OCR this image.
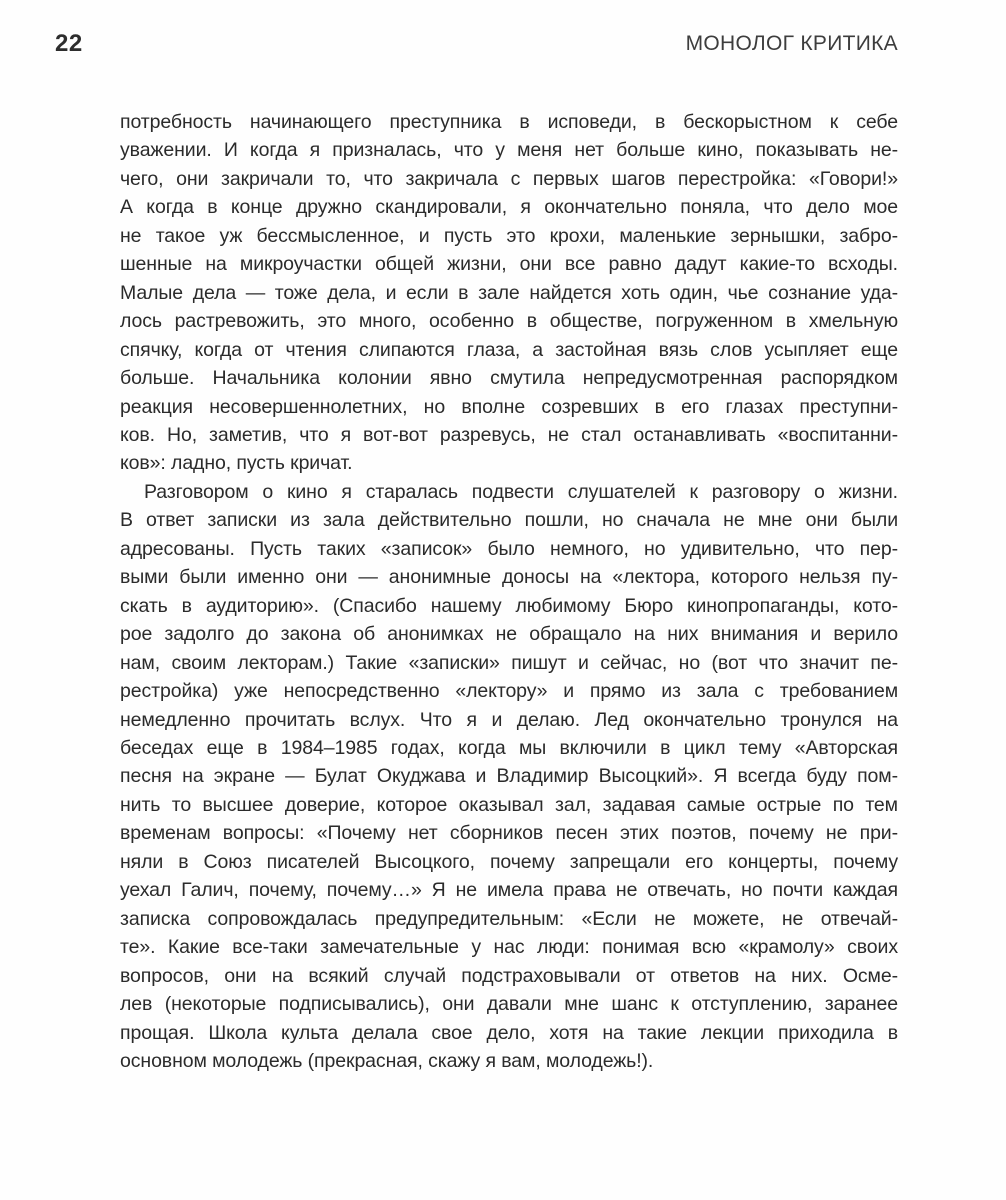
22	МОНОЛОГ КРИТИКА
потребность начинающего преступника в исповеди, в бескорыстном к себе
уважении. И когда я призналась, что у меня нет больше кино, показывать не-
чего, они закричали то, что закричала с первых шагов перестройка: «Говори!»
А когда в конце дружно скандировали, я окончательно поняла, что дело мое
не такое уж бессмысленное, и пусть это крохи, маленькие зернышки, забро-
шенные на микроучастки общей жизни, они все равно дадут какие-то всходы.
Малые дела — тоже дела, и если в зале найдется хоть один, чье сознание уда-
лось растревожить, это много, особенно в обществе, погруженном в хмельную
спячку, когда от чтения слипаются глаза, а застойная вязь слов усыпляет еще
больше. Начальника колонии явно смутила непредусмотренная распорядком
реакция несовершеннолетних, но вполне созревших в его глазах преступни-
ков. Но, заметив, что я вот-вот разревусь, не стал останавливать «воспитанни-
ков»: ладно, пусть кричат.
Разговором о кино я старалась подвести слушателей к разговору о жизни.
В ответ записки из зала действительно пошли, но сначала не мне они были
адресованы. Пусть таких «записок» было немного, но удивительно, что пер-
выми были именно они — анонимные доносы на «лектора, которого нельзя пу-
скать в аудиторию». (Спасибо нашему любимому Бюро кинопропаганды, кото-
рое задолго до закона об анонимках не обращало на них внимания и верило
нам, своим лекторам.) Такие «записки» пишут и сейчас, но (вот что значит пе-
рестройка) уже непосредственно «лектору» и прямо из зала с требованием
немедленно прочитать вслух. Что я и делаю. Лед окончательно тронулся на
беседах еще в 1984–1985 годах, когда мы включили в цикл тему «Авторская
песня на экране — Булат Окуджава и Владимир Высоцкий». Я всегда буду пом-
нить то высшее доверие, которое оказывал зал, задавая самые острые по тем
временам вопросы: «Почему нет сборников песен этих поэтов, почему не при-
няли в Союз писателей Высоцкого, почему запрещали его концерты, почему
уехал Галич, почему, почему…» Я не имела права не отвечать, но почти каждая
записка сопровождалась предупредительным: «Если не можете, не отвечай-
те». Какие все-таки замечательные у нас люди: понимая всю «крамолу» своих
вопросов, они на всякий случай подстраховывали от ответов на них. Осме-
лев (некоторые подписывались), они давали мне шанс к отступлению, заранее
прощая. Школа культа делала свое дело, хотя на такие лекции приходила в
основном молодежь (прекрасная, скажу я вам, молодежь!).
